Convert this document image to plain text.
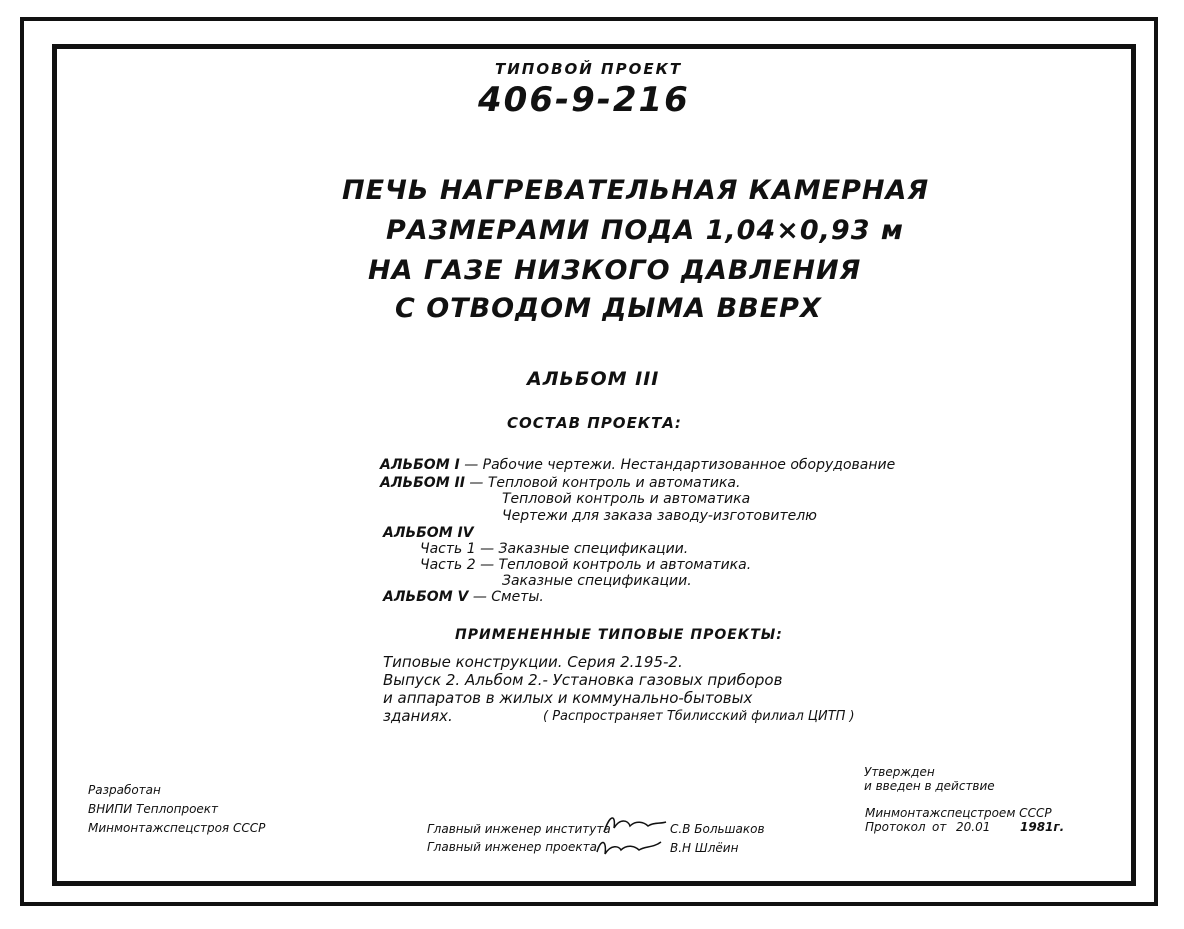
ТИПОВОЙ ПРОЕКТ
406-9-216
ПЕЧЬ НАГРЕВАТЕЛЬНАЯ КАМЕРНАЯ
РАЗМЕРАМИ ПОДА 1,04×0,93 м
НА ГАЗЕ НИЗКОГО ДАВЛЕНИЯ
С ОТВОДОМ ДЫМА ВВЕРХ
АЛЬБОМ III
СОСТАВ ПРОЕКТА:
АЛЬБОМ I — Рабочие чертежи. Нестандартизованное оборудование
АЛЬБОМ II — Тепловой контроль и автоматика.
Тепловой контроль и автоматика
Чертежи для заказа заводу-изготовителю
АЛЬБОМ IV
Часть 1 — Заказные спецификации.
Часть 2 — Тепловой контроль и автоматика.
Заказные спецификации.
АЛЬБОМ V — Сметы.
ПРИМЕНЕННЫЕ ТИПОВЫЕ ПРОЕКТЫ:
Типовые конструкции. Серия 2.195-2.
Выпуск 2. Альбом 2.- Установка газовых приборов
и аппаратов в жилых и коммунально-бытовых
зданиях.	( Распространяет Тбилисский филиал ЦИТП )
Разработан
ВНИПИ Теплопроект
Минмонтажспецстроя СССР	Главный инженер института	С.В Большаков
Главный инженер проекта	В.Н Шлёин
Утвержден
и введен в действие
Минмонтажспецстроем СССР
Протокол от 20.01 1981г.
